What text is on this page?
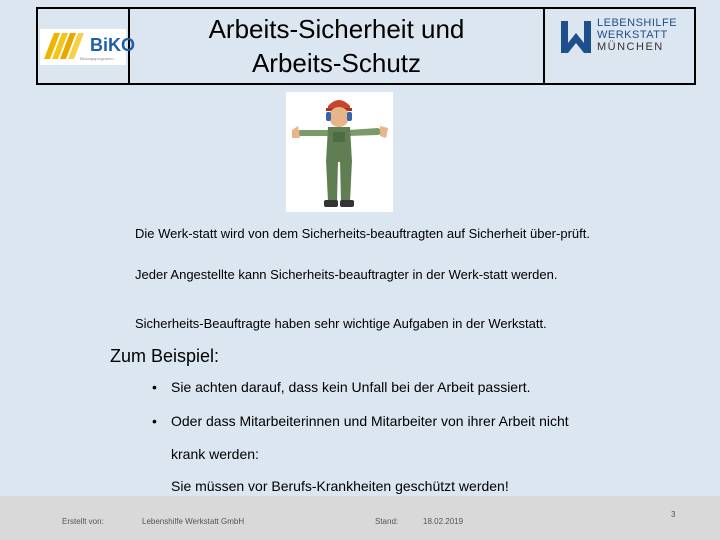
BiKO
Bildungsprogramm
Arbeits-Sicherheit und
Arbeits-Schutz
LEBENSHILFE
WERKSTATT
MÜNCHEN
Die Werk-statt wird von dem Sicherheits-beauftragten auf Sicherheit über-prüft.
Jeder Angestellte kann Sicherheits-beauftragter in der Werk-statt werden.
Sicherheits-Beauftragte haben sehr wichtige Aufgaben in der Werkstatt.
Zum Beispiel:
• Sie achten darauf, dass kein Unfall bei der Arbeit passiert.
• Oder dass Mitarbeiterinnen und Mitarbeiter von ihrer Arbeit nicht
krank werden:
Sie müssen vor Berufs-Krankheiten geschützt werden!
Erstellt von:	Lebenshilfe Werkstatt GmbH	Stand:	18.02.2019
3
